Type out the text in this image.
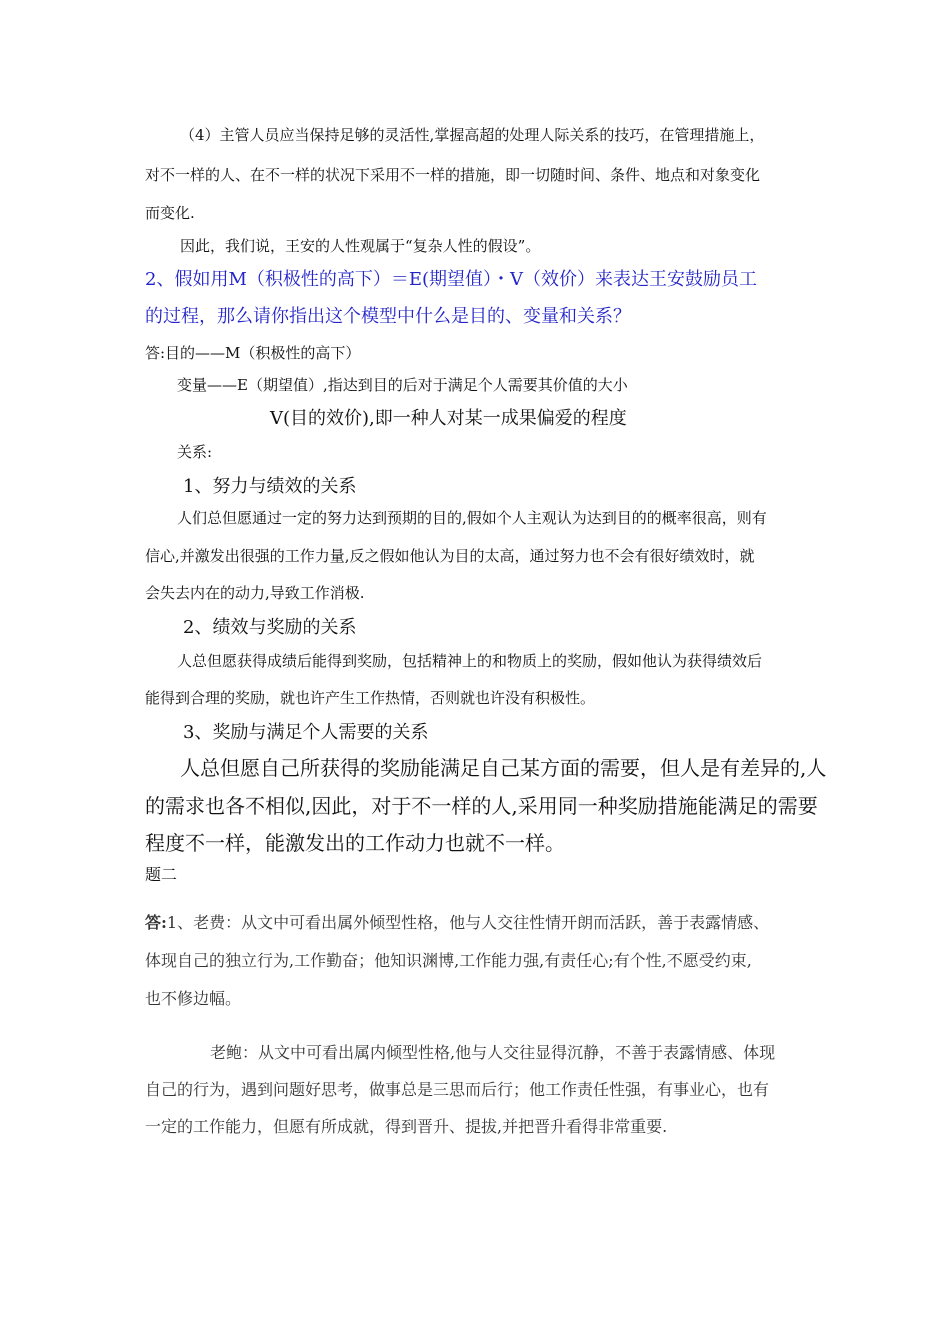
（4）主管人员应当保持足够的灵活性,掌握高超的处理人际关系的技巧，在管理措施上，
对不一样的人、在不一样的状况下采用不一样的措施，即一切随时间、条件、地点和对象变化
而变化.
因此，我们说，王安的人性观属于“复杂人性的假设”。
2、假如用M（积极性的高下）＝E(期望值）・V（效价）来表达王安鼓励员工
的过程，那么请你指出这个模型中什么是目的、变量和关系？
答:目的——M（积极性的高下）
变量——E（期望值）,指达到目的后对于满足个人需要其价值的大小
V(目的效价),即一种人对某一成果偏爱的程度
关系:
1、努力与绩效的关系
人们总但愿通过一定的努力达到预期的目的,假如个人主观认为达到目的的概率很高，则有
信心,并激发出很强的工作力量,反之假如他认为目的太高，通过努力也不会有很好绩效时，就
会失去内在的动力,导致工作消极.
2、绩效与奖励的关系
人总但愿获得成绩后能得到奖励，包括精神上的和物质上的奖励，假如他认为获得绩效后
能得到合理的奖励，就也许产生工作热情，否则就也许没有积极性。
3、奖励与满足个人需要的关系
人总但愿自己所获得的奖励能满足自己某方面的需要，但人是有差异的,人
的需求也各不相似,因此，对于不一样的人,采用同一种奖励措施能满足的需要
程度不一样，能激发出的工作动力也就不一样。
题二
答:1、老费：从文中可看出属外倾型性格，他与人交往性情开朗而活跃，善于表露情感、
体现自己的独立行为,工作勤奋；他知识渊博,工作能力强,有责任心;有个性,不愿受约束,
也不修边幅。
老鲍：从文中可看出属内倾型性格,他与人交往显得沉静，不善于表露情感、体现
自己的行为，遇到问题好思考，做事总是三思而后行；他工作责任性强，有事业心，也有
一定的工作能力，但愿有所成就，得到晋升、提拔,并把晋升看得非常重要.
